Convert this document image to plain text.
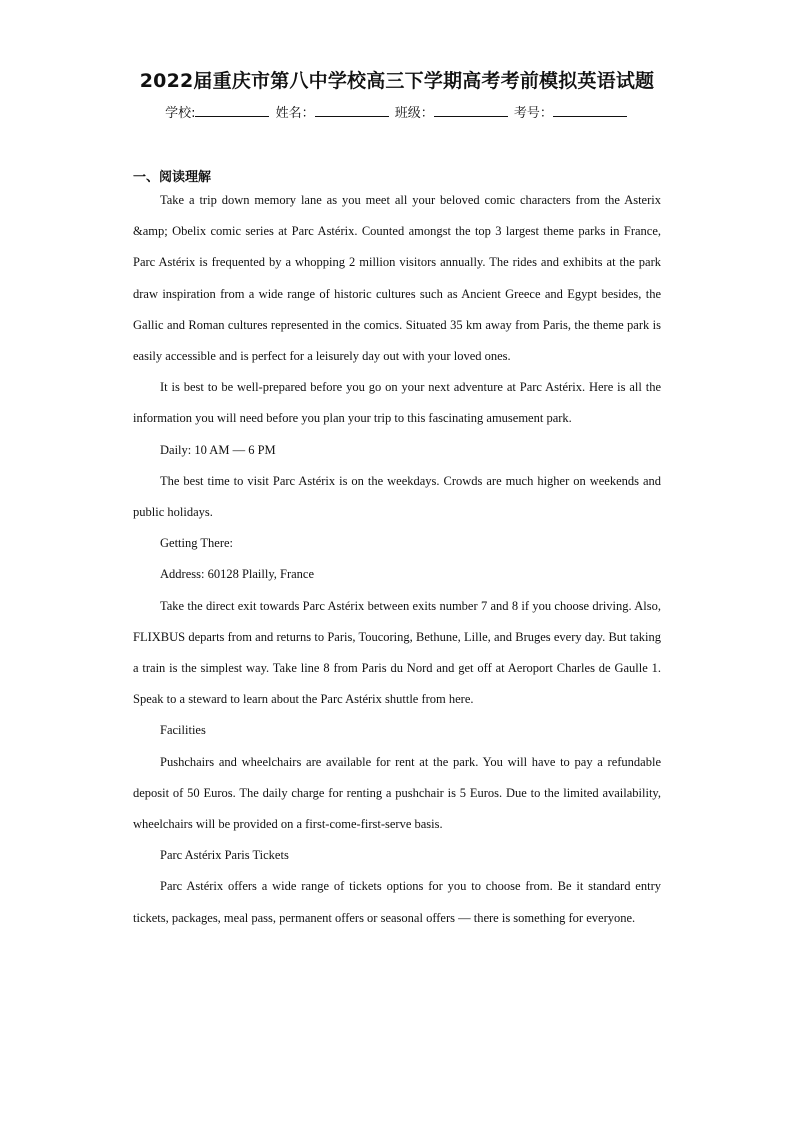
2022届重庆市第八中学校高三下学期高考考前模拟英语试题
学校:	姓名：	班级：	考号：
一、阅读理解

Take a trip down memory lane as you meet all your beloved comic characters from the Asterix &amp; Obelix comic series at Parc Astérix. Counted amongst the top 3 largest theme parks in France, Parc Astérix is frequented by a whopping 2 million visitors annually. The rides and exhibits at the park draw inspiration from a wide range of historic cultures such as Ancient Greece and Egypt besides, the Gallic and Roman cultures represented in the comics. Situated 35 km away from Paris, the theme park is easily accessible and is perfect for a leisurely day out with your loved ones.

It is best to be well-prepared before you go on your next adventure at Parc Astérix. Here is all the information you will need before you plan your trip to this fascinating amusement park.

Daily: 10 AM — 6 PM

The best time to visit Parc Astérix is on the weekdays. Crowds are much higher on weekends and public holidays.

Getting There:

Address: 60128 Plailly, France

Take the direct exit towards Parc Astérix between exits number 7 and 8 if you choose driving. Also, FLIXBUS departs from and returns to Paris, Toucoring, Bethune, Lille, and Bruges every day. But taking a train is the simplest way. Take line 8 from Paris du Nord and get off at Aeroport Charles de Gaulle 1. Speak to a steward to learn about the Parc Astérix shuttle from here.

Facilities

Pushchairs and wheelchairs are available for rent at the park. You will have to pay a refundable deposit of 50 Euros. The daily charge for renting a pushchair is 5 Euros. Due to the limited availability, wheelchairs will be provided on a first-come-first-serve basis.

Parc Astérix Paris Tickets

Parc Astérix offers a wide range of tickets options for you to choose from. Be it standard entry tickets, packages, meal pass, permanent offers or seasonal offers — there is something for everyone.
